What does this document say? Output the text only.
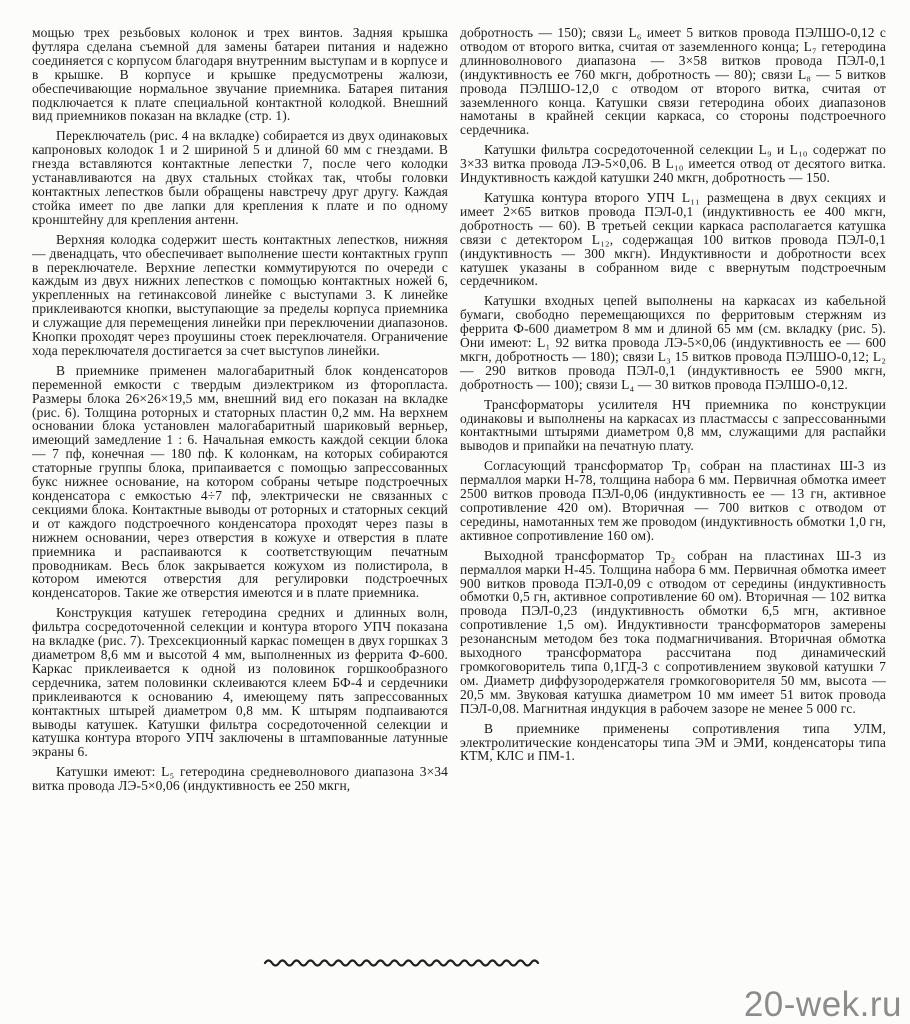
мощью трех резьбовых колонок и трех винтов. Задняя крышка футляра сделана съемной для замены батареи питания и надежно соединяется с корпусом благодаря внутренним выступам и в корпусе и в крышке. В корпусе и крышке предусмотрены жалюзи, обеспечивающие нормальное звучание приемника. Батарея питания подключается к плате специальной контактной колодкой. Внешний вид приемников показан на вкладке (стр. 1).

Переключатель (рис. 4 на вкладке) собирается из двух одинаковых капроновых колодок 1 и 2 шириной 5 и длиной 60 мм с гнездами. В гнезда вставляются контактные лепестки 7, после чего колодки устанавливаются на двух стальных стойках так, чтобы головки контактных лепестков были обращены навстречу друг другу. Каждая стойка имеет по две лапки для крепления к плате и по одному кронштейну для крепления антенн.

Верхняя колодка содержит шесть контактных лепестков, нижняя — двенадцать, что обеспечивает выполнение шести контактных групп в переключателе. Верхние лепестки коммутируются по очереди с каждым из двух нижних лепестков с помощью контактных ножей 6, укрепленных на гетинаксовой линейке с выступами 3. К линейке приклеиваются кнопки, выступающие за пределы корпуса приемника и служащие для перемещения линейки при переключении диапазонов. Кнопки проходят через проушины стоек переключателя. Ограничение хода переключателя достигается за счет выступов линейки.

В приемнике применен малогабаритный блок конденсаторов переменной емкости с твердым диэлектриком из фторопласта. Размеры блока 26×26×19,5 мм, внешний вид его показан на вкладке (рис. 6). Толщина роторных и статорных пластин 0,2 мм. На верхнем основании блока установлен малогабаритный шариковый верньер, имеющий замедление 1 : 6. Начальная емкость каждой секции блока — 7 пф, конечная — 180 пф. К колонкам, на которых собираются статорные группы блока, припаивается с помощью запрессованных букс нижнее основание, на котором собраны четыре подстроечных конденсатора с емкостью 4÷7 пф, электрически не связанных с секциями блока. Контактные выводы от роторных и статорных секций и от каждого подстроечного конденсатора проходят через пазы в нижнем основании, через отверстия в кожухе и отверстия в плате приемника и распаиваются к соответствующим печатным проводникам. Весь блок закрывается кожухом из полистирола, в котором имеются отверстия для регулировки подстроечных конденсаторов. Такие же отверстия имеются и в плате приемника.

Конструкция катушек гетеродина средних и длинных волн, фильтра сосредоточенной селекции и контура второго УПЧ показана на вкладке (рис. 7). Трехсекционный каркас помещен в двух горшках 3 диаметром 8,6 мм и высотой 4 мм, выполненных из феррита Ф-600. Каркас приклеивается к одной из половинок горшкообразного сердечника, затем половинки склеиваются клеем БФ-4 и сердечники приклеиваются к основанию 4, имеющему пять запрессованных контактных штырей диаметром 0,8 мм. К штырям подпаиваются выводы катушек. Катушки фильтра сосредоточенной селекции и катушка контура второго УПЧ заключены в штампованные латунные экраны 6.

Катушки имеют: L₅ гетеродина средневолнового диапазона 3×34 витка провода ЛЭ-5×0,06 (индуктивность ее 250 мкгн,

добротность — 150); связи L₆ имеет 5 витков провода ПЭЛШО-0,12 с отводом от второго витка, считая от заземленного конца; L₇ гетеродина длинноволнового диапазона — 3×58 витков провода ПЭЛ-0,1 (индуктивность ее 760 мкгн, добротность — 80); связи L₈ — 5 витков провода ПЭЛШО-12,0 с отводом от второго витка, считая от заземленного конца. Катушки связи гетеродина обоих диапазонов намотаны в крайней секции каркаса, со стороны подстроечного сердечника.

Катушки фильтра сосредоточенной селекции L₉ и L₁₀ содержат по 3×33 витка провода ЛЭ-5×0,06. В L₁₀ имеется отвод от десятого витка. Индуктивность каждой катушки 240 мкгн, добротность — 150.

Катушка контура второго УПЧ L₁₁ размещена в двух секциях и имеет 2×65 витков провода ПЭЛ-0,1 (индуктивность ее 400 мкгн, добротность — 60). В третьей секции каркаса располагается катушка связи с детектором L₁₂, содержащая 100 витков провода ПЭЛ-0,1 (индуктивность — 300 мкгн). Индуктивности и добротности всех катушек указаны в собранном виде с ввернутым подстроечным сердечником.

Катушки входных цепей выполнены на каркасах из кабельной бумаги, свободно перемещающихся по ферритовым стержням из феррита Ф-600 диаметром 8 мм и длиной 65 мм (см. вкладку (рис. 5). Они имеют: L₁ 92 витка провода ЛЭ-5×0,06 (индуктивность ее — 600 мкгн, добротность — 180); связи L₃ 15 витков провода ПЭЛШО-0,12; L₂ — 290 витков провода ПЭЛ-0,1 (индуктивность ее 5900 мкгн, добротность — 100); связи L₄ — 30 витков провода ПЭЛШО-0,12.

Трансформаторы усилителя НЧ приемника по конструкции одинаковы и выполнены на каркасах из пластмассы с запрессованными контактными штырями диаметром 0,8 мм, служащими для распайки выводов и припайки на печатную плату.

Согласующий трансформатор Тр₁ собран на пластинах Ш-3 из пермаллоя марки Н-78, толщина набора 6 мм. Первичная обмотка имеет 2500 витков провода ПЭЛ-0,06 (индуктивность ее — 13 гн, активное сопротивление 420 ом). Вторичная — 700 витков с отводом от середины, намотанных тем же проводом (индуктивность обмотки 1,0 гн, активное сопротивление 160 ом).

Выходной трансформатор Тр₂ собран на пластинах Ш-3 из пермаллоя марки Н-45. Толщина набора 6 мм. Первичная обмотка имеет 900 витков провода ПЭЛ-0,09 с отводом от середины (индуктивность обмотки 0,5 гн, активное сопротивление 60 ом). Вторичная — 102 витка провода ПЭЛ-0,23 (индуктивность обмотки 6,5 мгн, активное сопротивление 1,5 ом). Индуктивности трансформаторов замерены резонансным методом без тока подмагничивания. Вторичная обмотка выходного трансформатора рассчитана под динамический громкоговоритель типа 0,1ГД-3 с сопротивлением звуковой катушки 7 ом. Диаметр диффузородержателя громкоговорителя 50 мм, высота — 20,5 мм. Звуковая катушка диаметром 10 мм имеет 51 виток провода ПЭЛ-0,08. Магнитная индукция в рабочем зазоре не менее 5 000 гс.

В приемнике применены сопротивления типа УЛМ, электролитические конденсаторы типа ЭМ и ЭМИ, конденсаторы типа КТМ, КЛС и ПМ-1.

20-wek.ru
